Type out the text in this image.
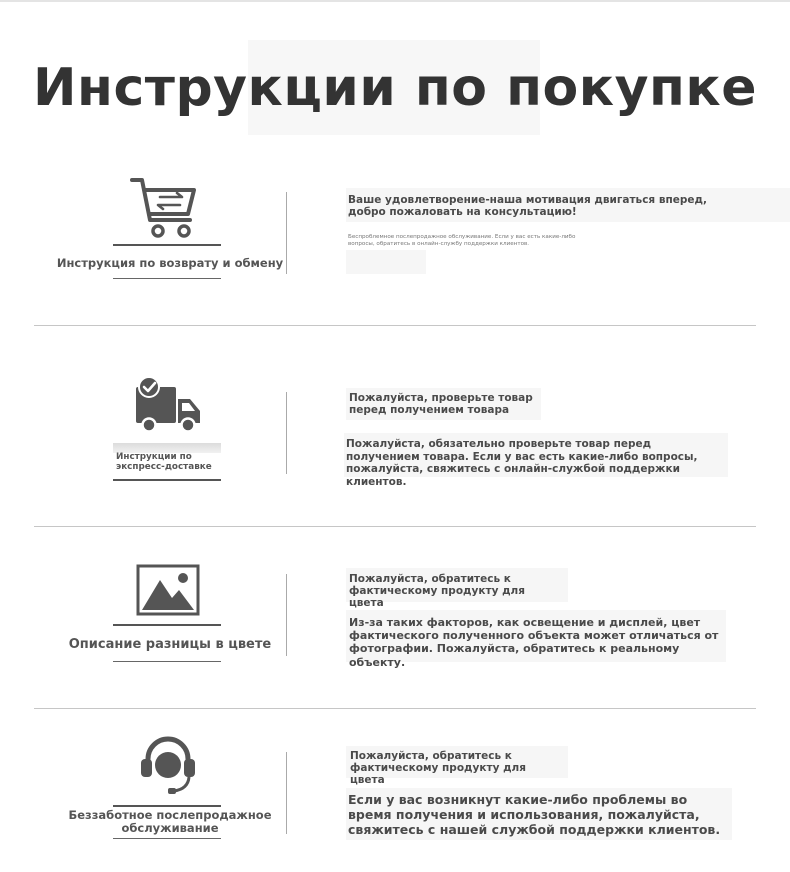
Инструкции по покупке
Инструкция по возврату и обмену

Ваше удовлетворение-наша мотивация двигаться вперед, добро пожаловать на консультацию!

Беспроблемное послепродажное обслуживание. Если у вас есть какие-либо вопросы, обратитесь в онлайн-службу поддержки клиентов.
Инструкции по экспресс-доставке

Пожалуйста, проверьте товар перед получением товара

Пожалуйста, обязательно проверьте товар перед получением товара. Если у вас есть какие-либо вопросы, пожалуйста, свяжитесь с онлайн-службой поддержки клиентов.

Описание разницы в цвете

Пожалуйста, обратитесь к фактическому продукту для цвета

Из-за таких факторов, как освещение и дисплей, цвет фактического полученного объекта может отличаться от фотографии. Пожалуйста, обратитесь к реальному объекту.

Беззаботное послепродажное обслуживание

Пожалуйста, обратитесь к фактическому продукту для цвета

Если у вас возникнут какие-либо проблемы во время получения и использования, пожалуйста, свяжитесь с нашей службой поддержки клиентов.
